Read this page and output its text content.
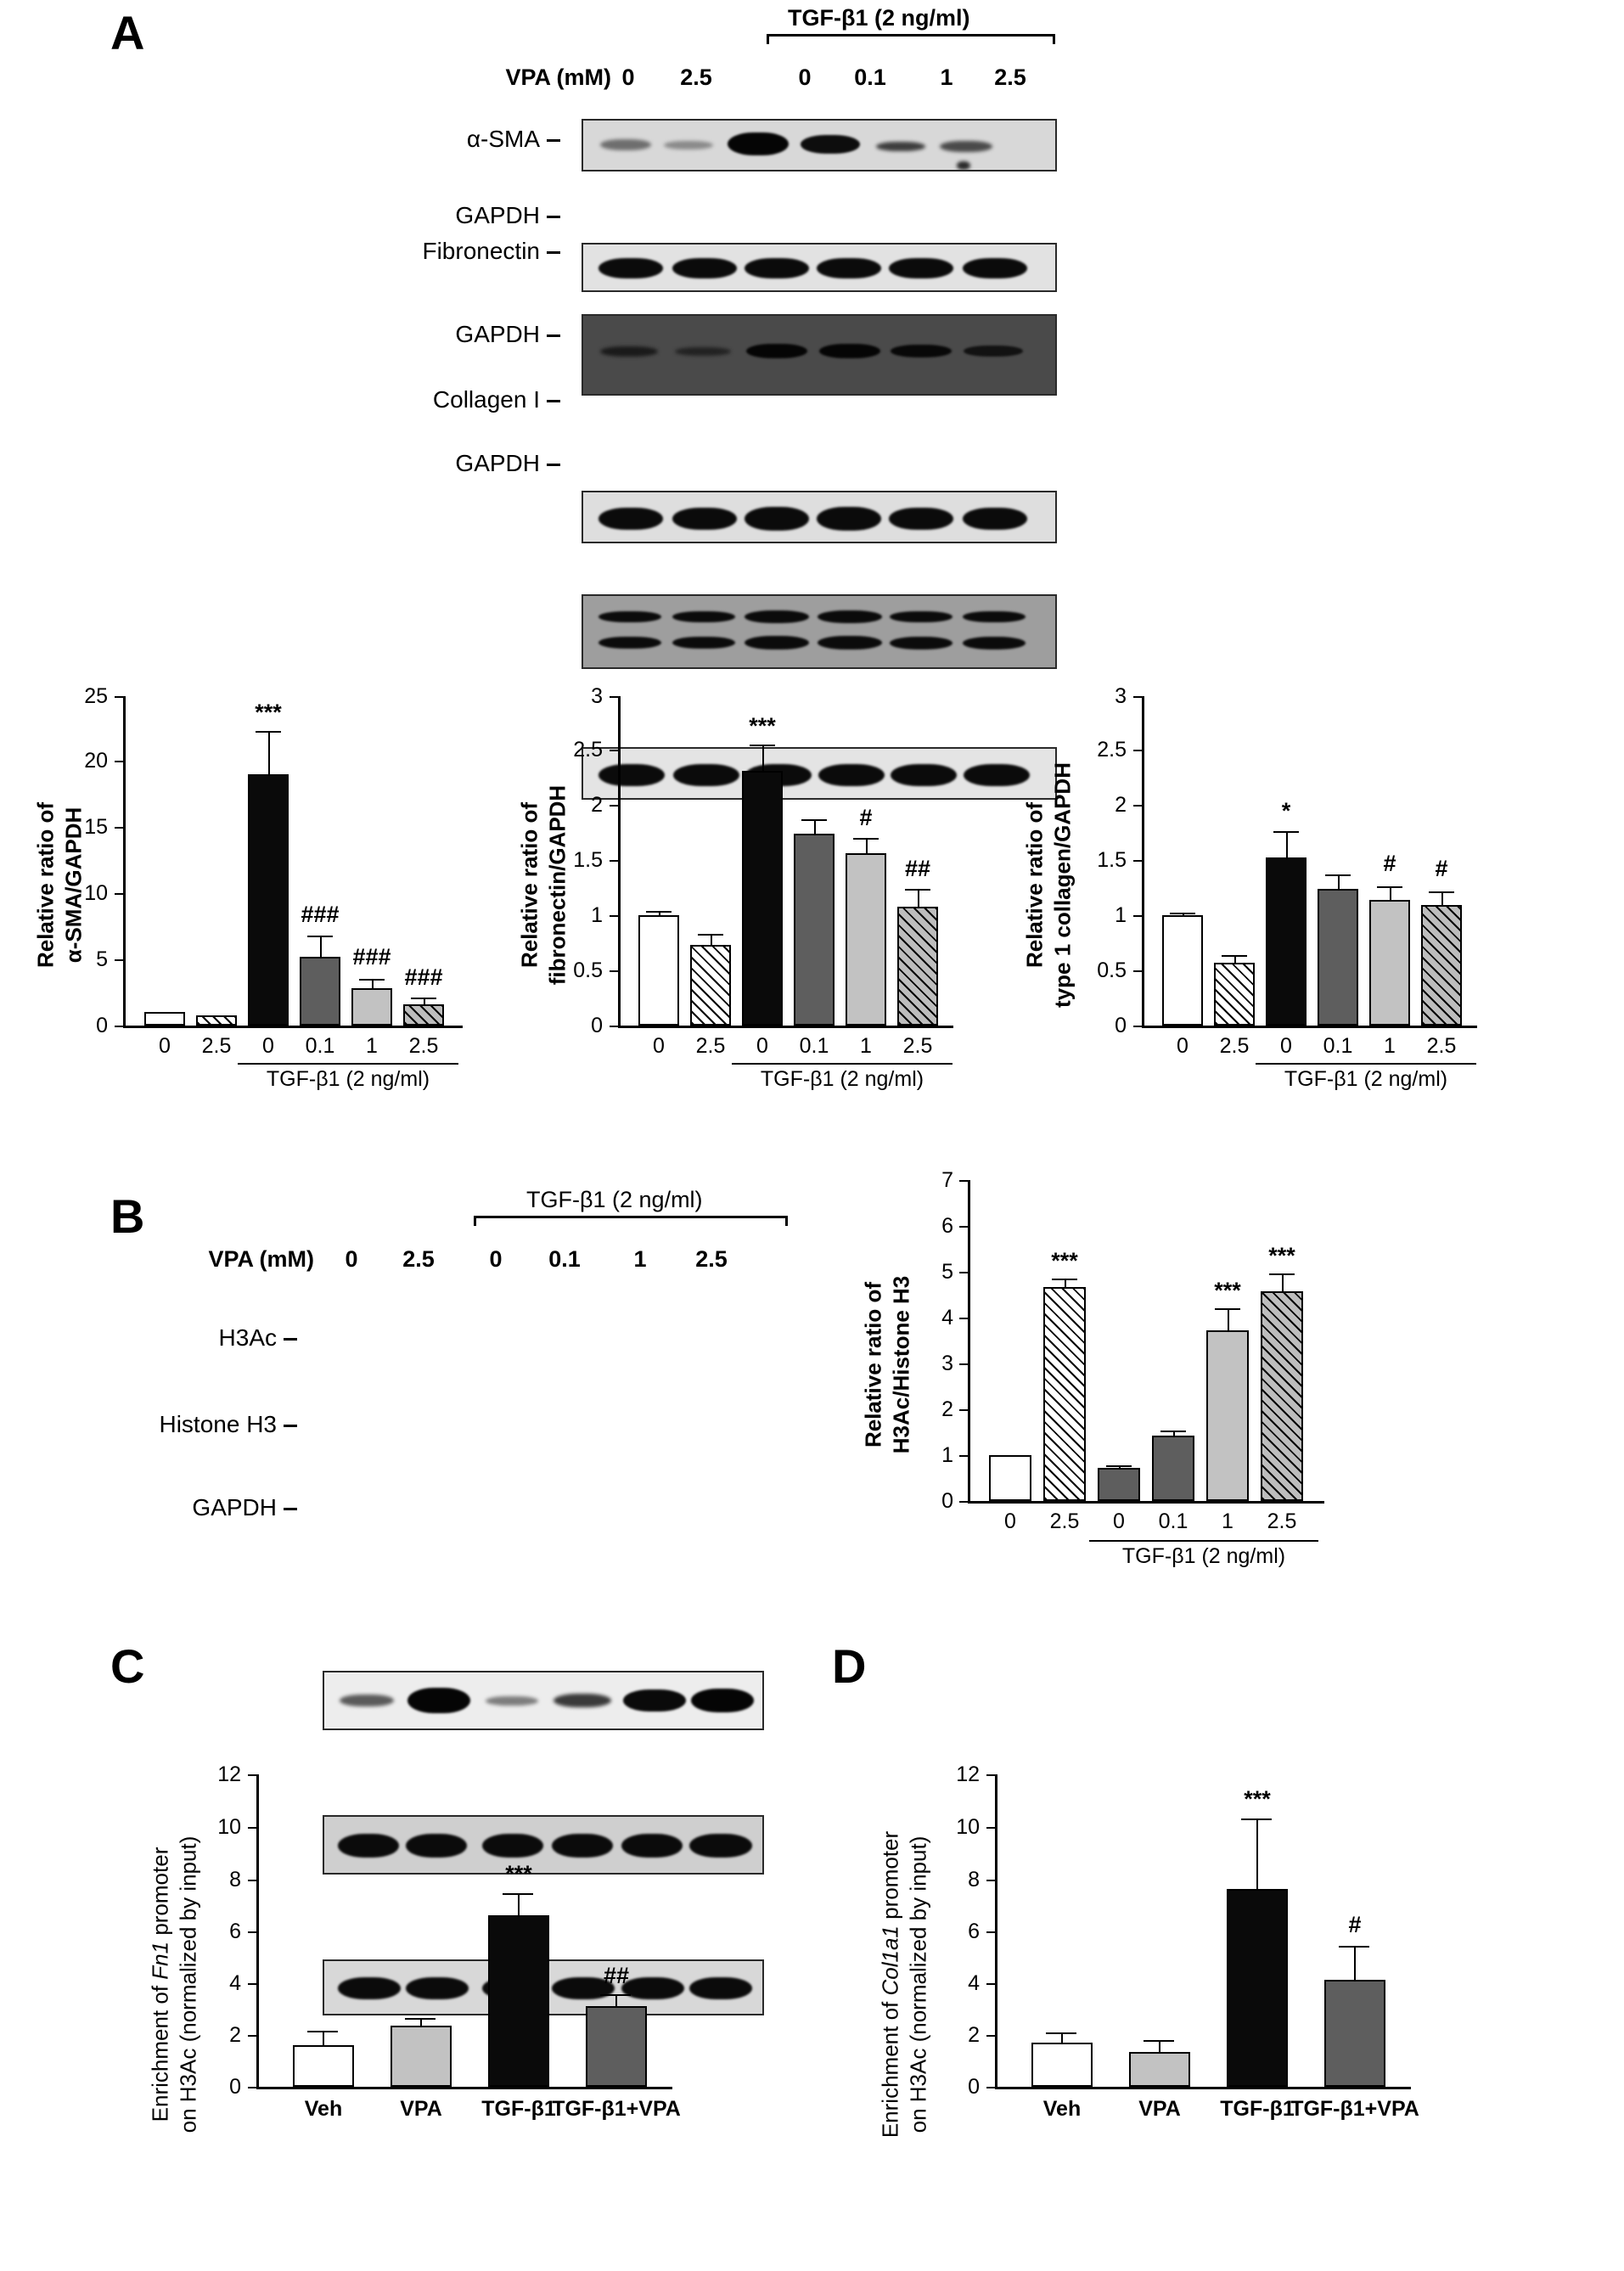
A	TGF-β1 (2 ng/ml)
VPA (mM) 0	2.5	0	0.1	1	2.5
α-SMA
GAPDH
Fibronectin
GAPDH
Collagen I
GAPDH
Relative ratio of
α-SMA/GAPDH
0
5
10
15
20
25
***
###
###
###
0	2.5	0	0.1	1	2.5
TGF-β1 (2 ng/ml)
Relative ratio of
fibronectin/GAPDH
0
0.5
1
1.5
2
2.5
3
***
#
##
0	2.5	0	0.1	1	2.5
TGF-β1 (2 ng/ml)
Relative ratio of
type 1 collagen/GAPDH
0
0.5
1
1.5
2
2.5
3
*
#	#
0	2.5	0	0.1	1	2.5
TGF-β1 (2 ng/ml)
B	TGF-β1 (2 ng/ml)
VPA (mM)	0	2.5	0	0.1	1	2.5
H3Ac
Histone H3
GAPDH
Relative ratio of
H3Ac/Histone H3
0
1
2
3
4
5
6
7
***
***
***
0	2.5	0	0.1	1	2.5
TGF-β1 (2 ng/ml)
C
Enrichment of Fn1 promoter
on H3Ac (normalized by input)	0
2
4
6
8
10
12
***
##
Veh	VPA	TGF-β1
TGF-β1+VPA
D
Enrichment of Col1a1 promoter
on H3Ac (normalized by input)	0
2
4
6
8
10
12
***
#
Veh	VPA	TGF-β1
TGF-β1+VPA
